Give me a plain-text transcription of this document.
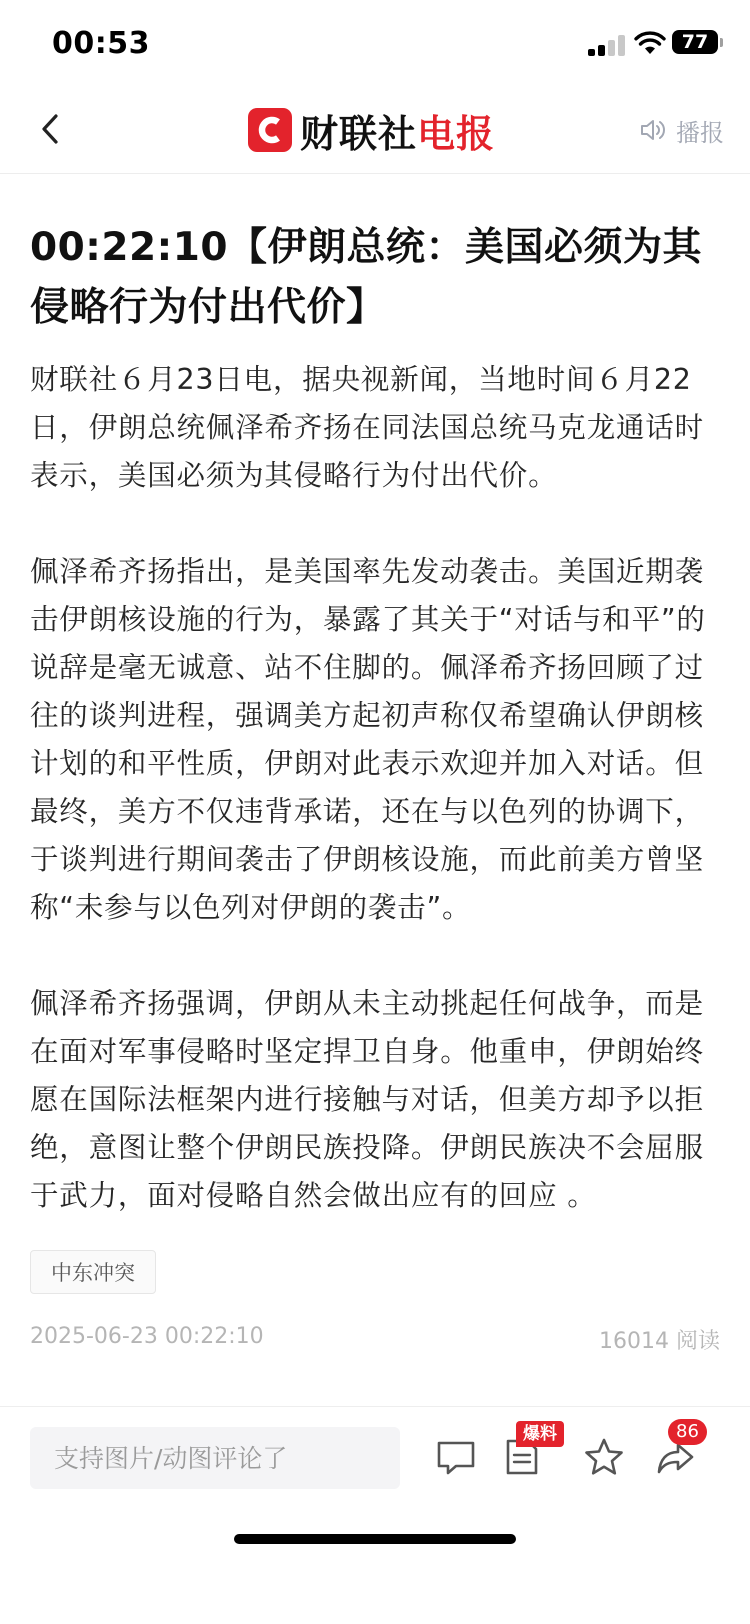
00:53	77
财联社电报	播报
00:22:10【伊朗总统：美国必须为其侵略行为付出代价】

财联社６月23日电，据央视新闻，当地时间６月22日，伊朗总统佩泽希齐扬在同法国总统马克龙通话时表示，美国必须为其侵略行为付出代价。

佩泽希齐扬指出，是美国率先发动袭击。美国近期袭击伊朗核设施的行为，暴露了其关于“对话与和平”的说辞是毫无诚意、站不住脚的。佩泽希齐扬回顾了过往的谈判进程，强调美方起初声称仅希望确认伊朗核计划的和平性质，伊朗对此表示欢迎并加入对话。但最终，美方不仅违背承诺，还在与以色列的协调下，于谈判进行期间袭击了伊朗核设施，而此前美方曾坚称“未参与以色列对伊朗的袭击”。

佩泽希齐扬强调，伊朗从未主动挑起任何战争，而是在面对军事侵略时坚定捍卫自身。他重申，伊朗始终愿在国际法框架内进行接触与对话，但美方却予以拒绝，意图让整个伊朗民族投降。伊朗民族决不会屈服于武力，面对侵略自然会做出应有的回应 。

中东冲突
2025-06-23 00:22:10	16014 阅读
支持图片/动图评论了
爆料	86
